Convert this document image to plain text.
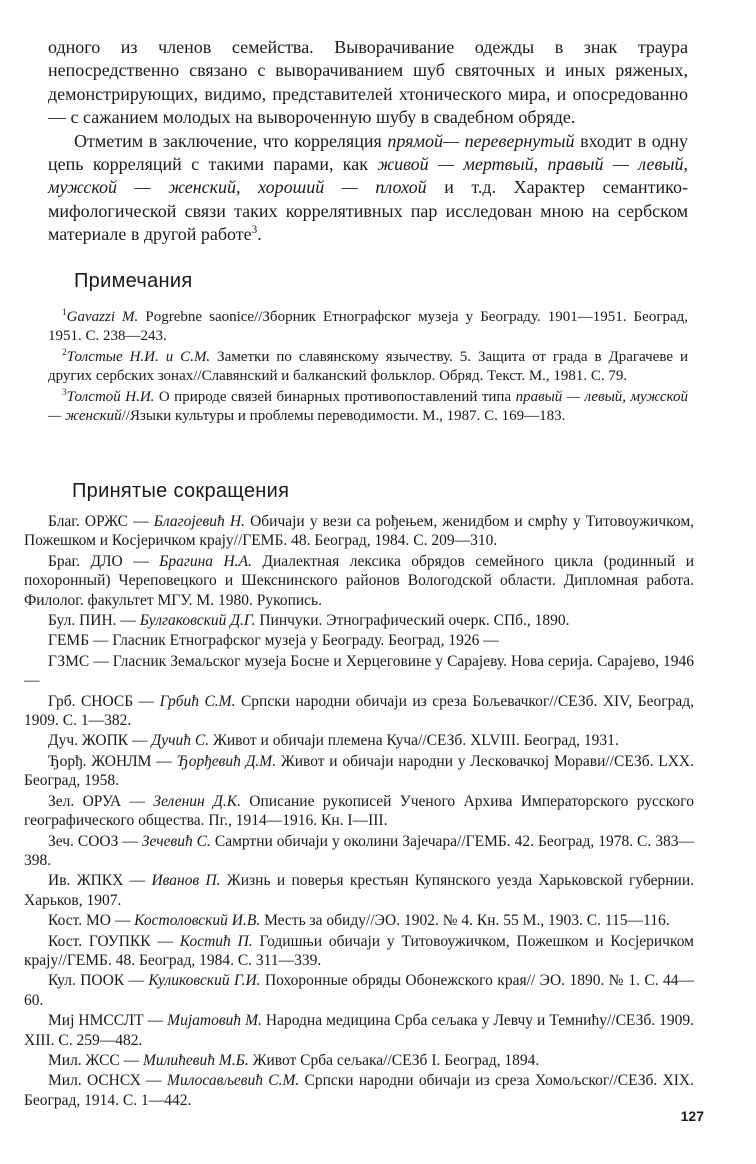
одного из членов семейства. Выворачивание одежды в знак траура непосредственно связано с выворачиванием шуб святочных и иных ряженых, демонстрирующих, видимо, представителей хтонического мира, и опосредованно — с сажанием молодых на вывороченную шубу в свадебном обряде.

Отметим в заключение, что корреляция прямой— перевернутый входит в одну цепь корреляций с такими парами, как живой — мертвый, правый — левый, мужской — женский, хороший — плохой и т.д. Характер семантико-мифологической связи таких коррелятивных пар исследован мною на сербском материале в другой работе$^3$.

Примечания

$^1$Gavazzi M. Pogrebne saonice//Зборник Етнографског музеја у Београду. 1901—1951. Београд, 1951. С. 238—243.

$^2$Толстые Н.И. и С.М. Заметки по славянскому язычеству. 5. Защита от града в Драгачеве и других сербских зонах//Славянский и балканский фольклор. Обряд. Текст. М., 1981. С. 79.

$^3$Толстой Н.И. О природе связей бинарных противопоставлений типа правый — левый, мужской — женский//Языки культуры и проблемы переводимости. М., 1987. С. 169—183.

Принятые сокращения

Благ. ОРЖС — Благојевић Н. Обичаји у вези са рођењем, женидбом и смрћу у Титовоужичком, Пожешком и Косјеричком крају//ГЕМБ. 48. Београд, 1984. С. 209—310.

Браг. ДЛО — Брагина Н.А. Диалектная лексика обрядов семейного цикла (родинный и похоронный) Череповецкого и Шекснинского районов Вологодской области. Дипломная работа. Филолог. факультет МГУ. М. 1980. Рукопись.

Бул. ПИН. — Булгаковский Д.Г. Пинчуки. Этнографический очерк. СПб., 1890.

ГЕМБ — Гласник Етнографског музеја у Београду. Београд, 1926 —

ГЗМС — Гласник Земаљског музеја Босне и Херцеговине у Сарајеву. Нова серија. Сарајево, 1946 —

Грб. СНОСБ — Грбић С.М. Српски народни обичаји из среза Бољевачког//СЕЗб. XIV, Београд, 1909. С. 1—382.

Дуч. ЖОПК — Дучић С. Живот и обичаји племена Куча//СЕЗб. XLVIII. Београд, 1931.

Ђорђ. ЖОНЛМ — Ђорђевић Д.М. Живот и обичаји народни у Лесковачкој Морави//СЕЗб. LXX. Београд, 1958.

Зел. ОРУА — Зеленин Д.К. Описание рукописей Ученого Архива Императорского русского географического общества. Пг., 1914—1916. Кн. I—III.

Зеч. СООЗ — Зечевић С. Самртни обичаји у околини Зајечара//ГЕМБ. 42. Београд, 1978. С. 383—398.

Ив. ЖПКХ — Иванов П. Жизнь и поверья крестьян Купянского уезда Харьковской губернии. Харьков, 1907.

Кост. МО — Костоловский И.В. Месть за обиду//ЭО. 1902. № 4. Кн. 55 М., 1903. С. 115—116.

Кост. ГОУПКК — Костић П. Годишњи обичаји у Титовоужичком, Пожешком и Косјеричком крају//ГЕМБ. 48. Београд, 1984. С. 311—339.

Кул. ПООК — Куликовский Г.И. Похоронные обряды Обонежского края// ЭО. 1890. № 1. С. 44—60.

Миј НМССЛТ — Мијатовић М. Народна медицина Срба сељака у Левчу и Темнићу//СЕЗб. 1909. XIII. С. 259—482.

Мил. ЖСС — Милићевић М.Б. Живот Срба сељака//СЕЗб I. Београд, 1894.

Мил. ОСНСХ — Милосављевић С.М. Српски народни обичаји из среза Хомољског//СЕЗб. XIX. Београд, 1914. С. 1—442.

127
